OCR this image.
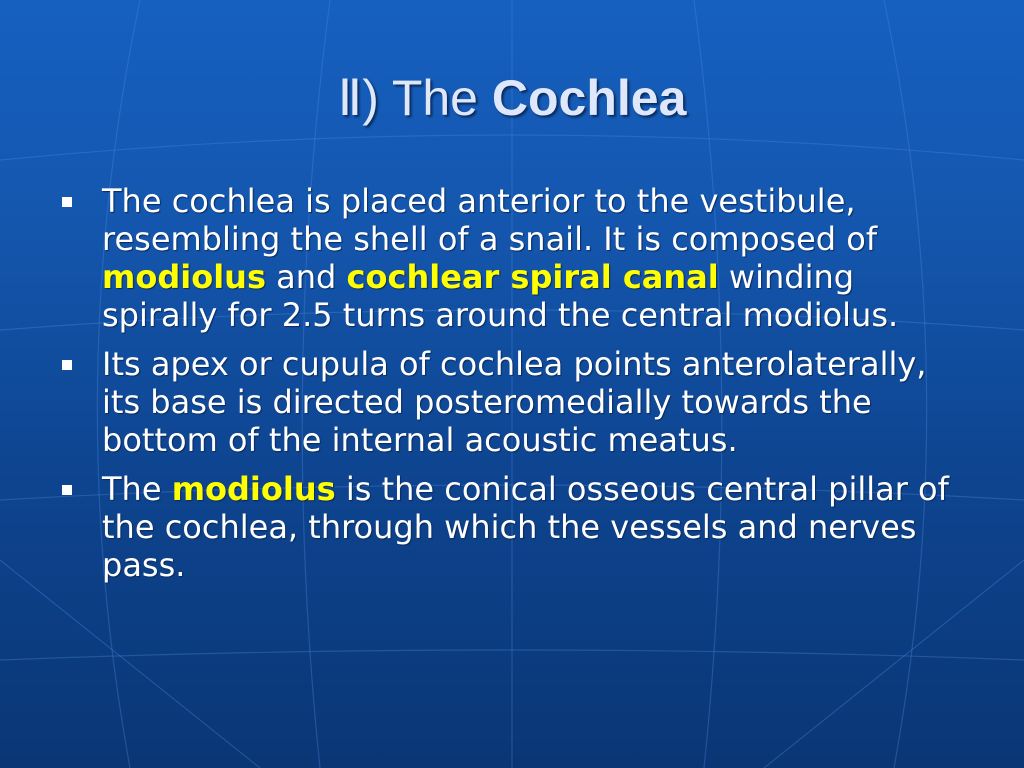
Ⅱ) The Cochlea
The cochlea is placed anterior to the vestibule, resembling the shell of a snail. It is composed of modiolus and cochlear spiral canal winding spirally for 2.5 turns around the central modiolus.
Its apex or cupula of cochlea points anterolaterally, its base is directed posteromedially towards the bottom of the internal acoustic meatus.
The modiolus is the conical osseous central pillar of the cochlea, through which the vessels and nerves pass.
